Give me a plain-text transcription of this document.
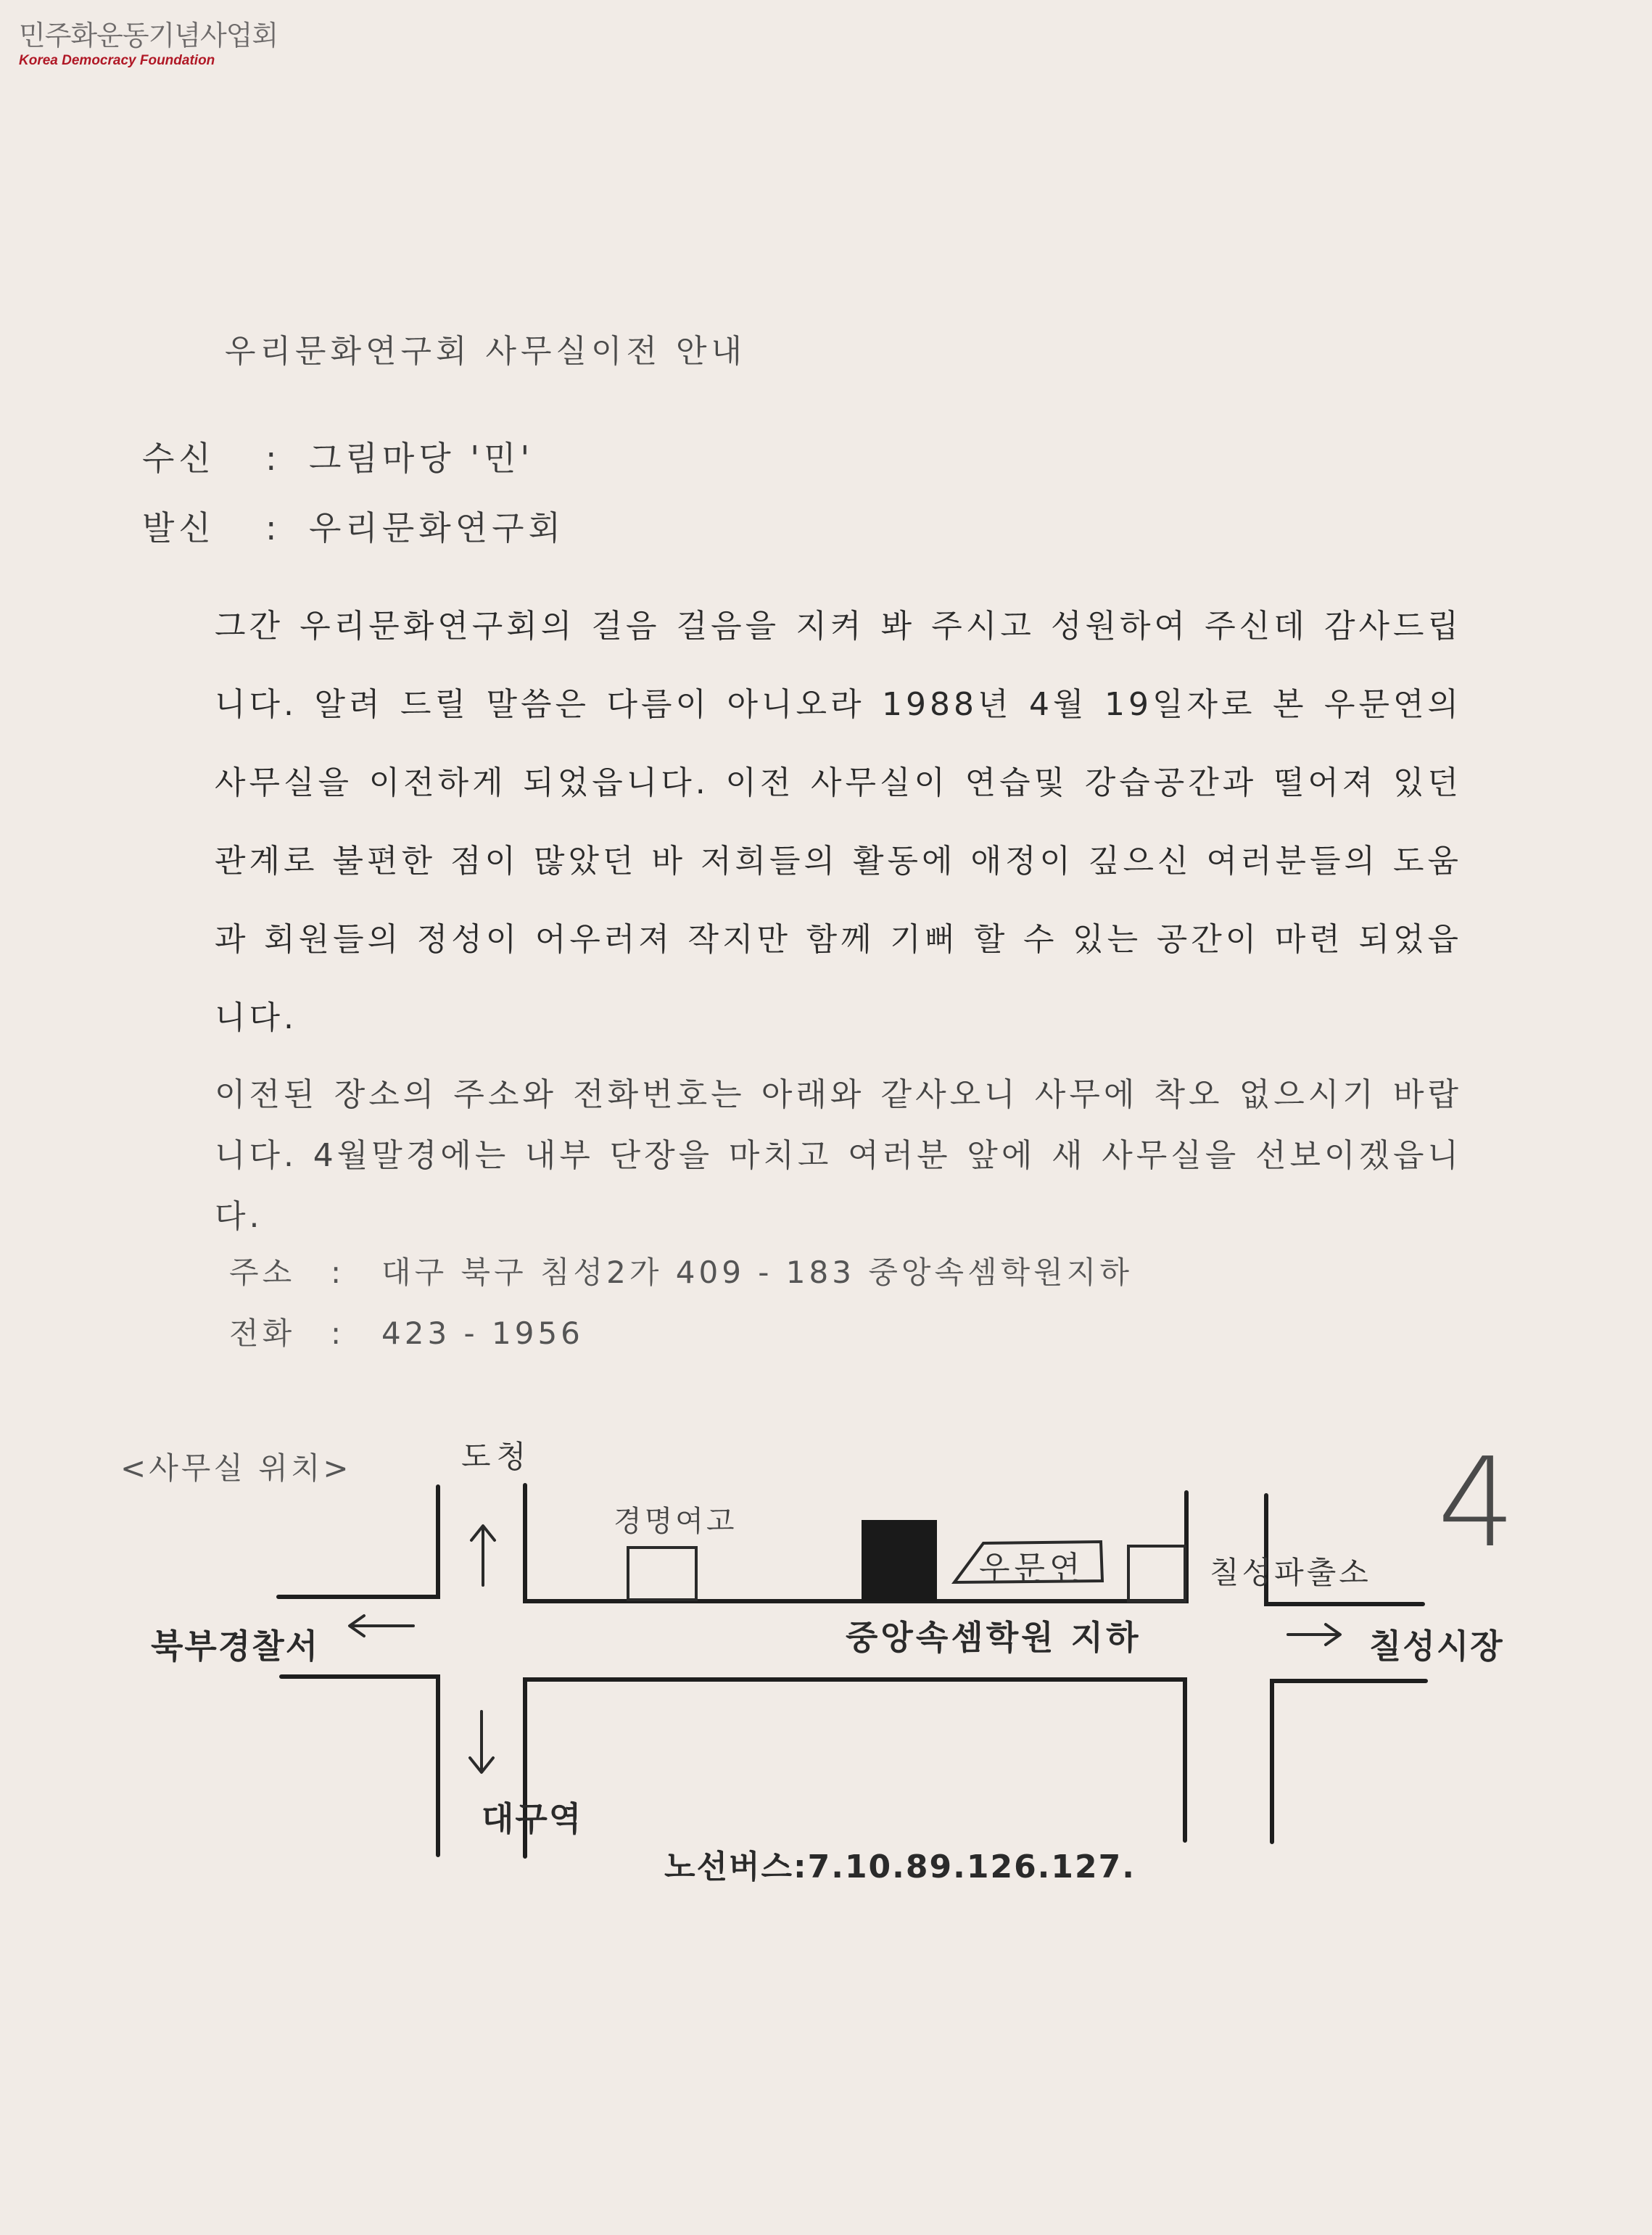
민주화운동기념사업회
Korea Democracy Foundation
우리문화연구회 사무실이전 안내
수신 : 그림마당 '민'
발신 : 우리문화연구회
그간 우리문화연구회의 걸음 걸음을 지켜 봐 주시고 성원하여 주신데 감사드립니다. 알려 드릴 말씀은 다름이 아니오라 1988년 4월 19일자로 본 우문연의 사무실을 이전하게 되었읍니다. 이전 사무실이 연습및 강습공간과 떨어져 있던 관계로 불편한 점이 많았던 바 저희들의 활동에 애정이 깊으신 여러분들의 도움과 회원들의 정성이 어우러져 작지만 함께 기뻐 할 수 있는 공간이 마련 되었읍니다.
이전된 장소의 주소와 전화번호는 아래와 같사오니 사무에 착오 없으시기 바랍니다. 4월말경에는 내부 단장을 마치고 여러분 앞에 새 사무실을 선보이겠읍니다.
주소 : 대구 북구 침성2가 409 - 183 중앙속셈학원지하
전화 : 423 - 1956
<사무실 위치>	도청
경명여고
우문연	칠성파출소
북부경찰서	중앙속셈학원 지하	칠성시장
대구역
노선버스:7.10.89.126.127.
4
